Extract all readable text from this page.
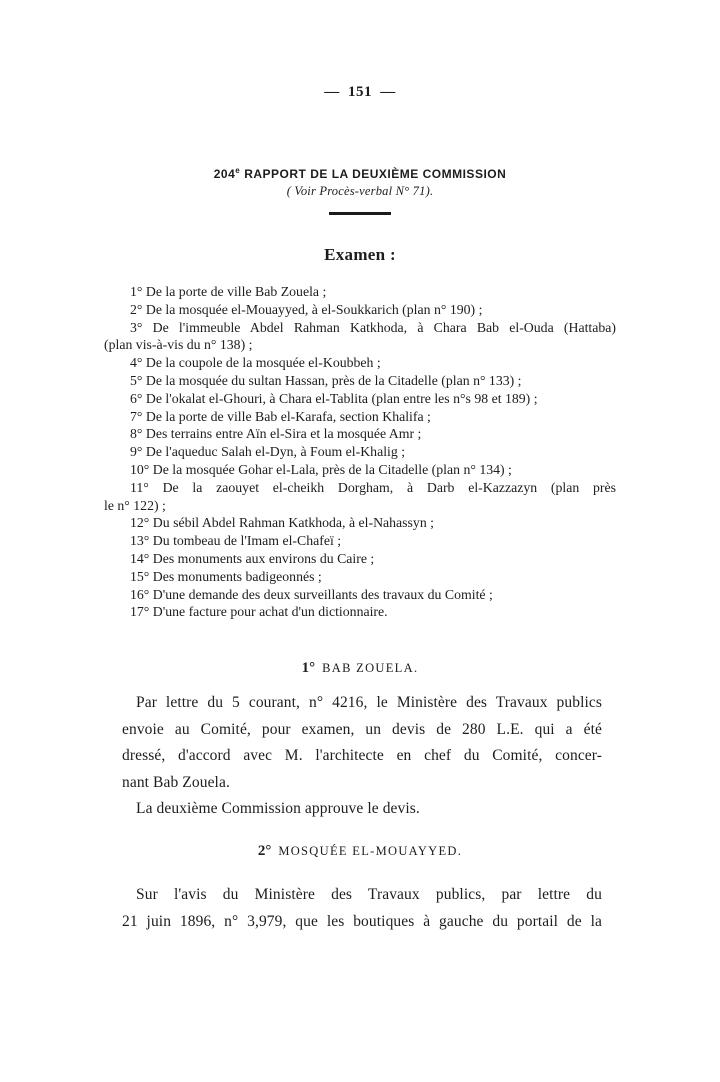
— 151 —
204e RAPPORT DE LA DEUXIÈME COMMISSION
( Voir Procès-verbal N° 71).
Examen :
1° De la porte de ville Bab Zouela ;
2° De la mosquée el-Mouayyed, à el-Soukkarich (plan n° 190) ;
3° De l'immeuble Abdel Rahman Katkhoda, à Chara Bab el-Ouda (Hattaba)
(plan vis-à-vis du n° 138) ;
4° De la coupole de la mosquée el-Koubbeh ;
5° De la mosquée du sultan Hassan, près de la Citadelle (plan n° 133) ;
6° De l'okalat el-Ghouri, à Chara el-Tablita (plan entre les n°s 98 et 189) ;
7° De la porte de ville Bab el-Karafa, section Khalifa ;
8° Des terrains entre Aïn el-Sira et la mosquée Amr ;
9° De l'aqueduc Salah el-Dyn, à Foum el-Khalig ;
10° De la mosquée Gohar el-Lala, près de la Citadelle (plan n° 134) ;
11° De la zaouyet el-cheikh Dorgham, à Darb el-Kazzazyn (plan près
le n° 122) ;
12° Du sébil Abdel Rahman Katkhoda, à el-Nahassyn ;
13° Du tombeau de l'Imam el-Chafeï ;
14° Des monuments aux environs du Caire ;
15° Des monuments badigeonnés ;
16° D'une demande des deux surveillants des travaux du Comité ;
17° D'une facture pour achat d'un dictionnaire.
1° BAB ZOUELA.
Par lettre du 5 courant, n° 4216, le Ministère des Travaux publics
envoie au Comité, pour examen, un devis de 280 L.E. qui a été
dressé, d'accord avec M. l'architecte en chef du Comité, concer-
nant Bab Zouela.
La deuxième Commission approuve le devis.
2° MOSQUÉE EL-MOUAYYED.
Sur l'avis du Ministère des Travaux publics, par lettre du
21 juin 1896, n° 3,979, que les boutiques à gauche du portail de la
